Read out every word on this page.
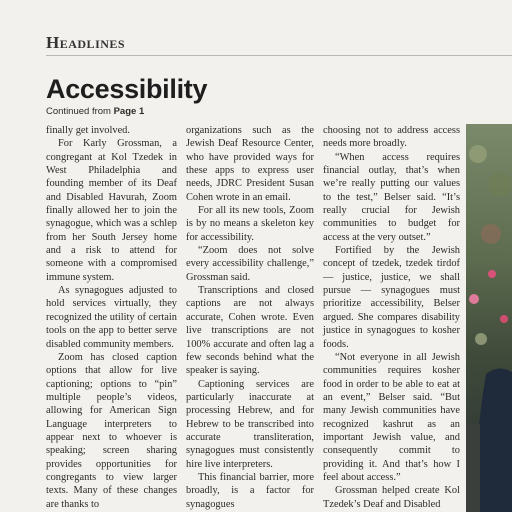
Headlines
Accessibility
Continued from Page 1

finally get involved.

For Karly Grossman, a congregant at Kol Tzedek in West Philadelphia and founding member of its Deaf and Disabled Havurah, Zoom finally allowed her to join the synagogue, which was a schlep from her South Jersey home and a risk to attend for someone with a compromised immune system.

As synagogues adjusted to hold services virtually, they recognized the utility of certain tools on the app to better serve disabled community members.

Zoom has closed caption options that allow for live captioning; options to “pin” multiple people’s videos, allowing for American Sign Language interpreters to appear next to whoever is speaking; screen sharing provides opportunities for congregants to view larger texts. Many of these changes are thanks to

organizations such as the Jewish Deaf Resource Center, who have provided ways for these apps to express user needs, JDRC President Susan Cohen wrote in an email.

For all its new tools, Zoom is by no means a skeleton key for accessibility.

“Zoom does not solve every accessibility challenge,” Grossman said.

Transcriptions and closed captions are not always accurate, Cohen wrote. Even live transcriptions are not 100% accurate and often lag a few seconds behind what the speaker is saying.

Captioning services are particularly inaccurate at processing Hebrew, and for Hebrew to be transcribed into accurate transliteration, synagogues must consistently hire live interpreters.

This financial barrier, more broadly, is a factor for synagogues

choosing not to address access needs more broadly.

“When access requires financial outlay, that’s when we’re really putting our values to the test,” Belser said. “It’s really crucial for Jewish communities to budget for access at the very outset.”

Fortified by the Jewish concept of tzedek, tzedek tirdof — justice, justice, we shall pursue — synagogues must prioritize accessibility, Belser argued. She compares disability justice in synagogues to kosher foods.

“Not everyone in all Jewish communities requires kosher food in order to be able to eat at an event,” Belser said. “But many Jewish communities have recognized kashrut as an important Jewish value, and consequently commit to providing it. And that’s how I feel about access.”

Grossman helped create Kol Tzedek’s Deaf and Disabled
